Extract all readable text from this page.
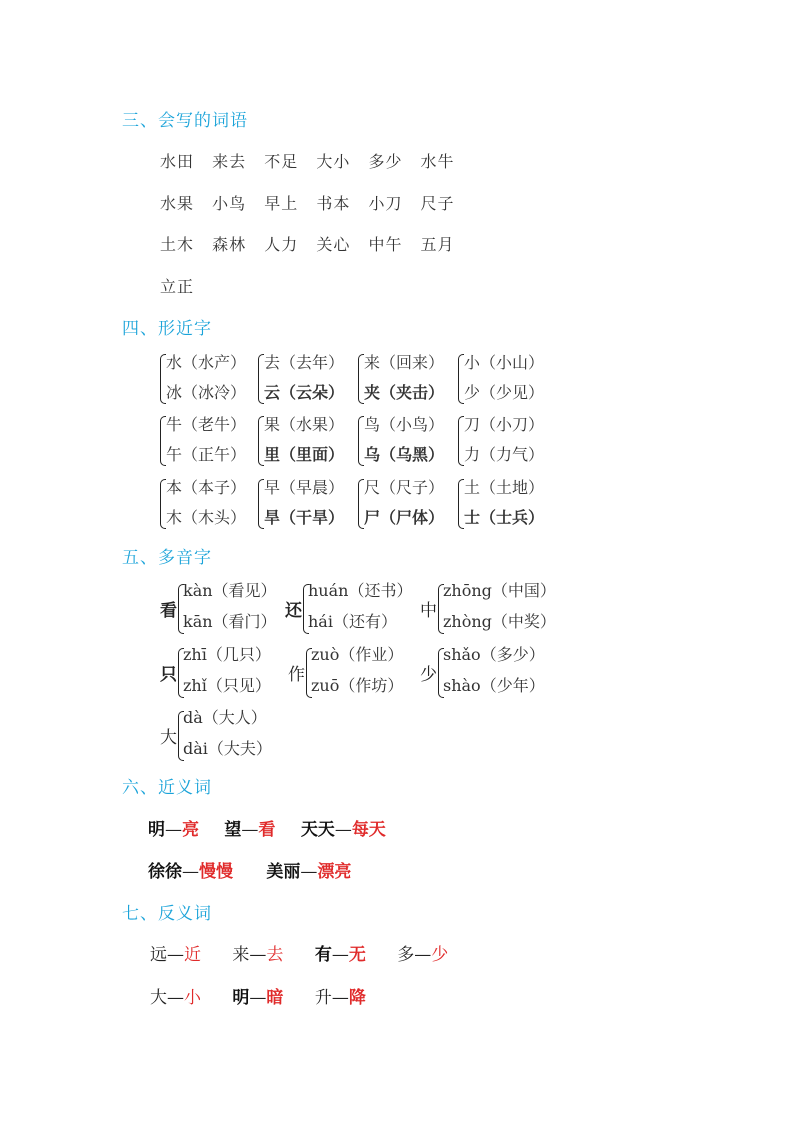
三、会写的词语
水田 来去 不足 大小 多少 水牛
水果 小鸟 早上 书本 小刀 尺子
土木 森林 人力 关心 中午 五月
立正
四、形近字
水（水产）
冰（冰冷）
去（去年）
云（云朵）
来（回来）
夹（夹击）
小（小山）
少（少见）
牛（老牛）
午（正午）
果（水果）
里（里面）
鸟（小鸟）
乌（乌黑）
刀（小刀）
力（力气）
本（本子）
木（木头）
早（早晨）
旱（干旱）
尺（尺子）
尸（尸体）
土（土地）
士（士兵）
五、多音字
看
kàn（看见）
kān（看门）
还
huán（还书）
hái（还有）
中
zhōng（中国）
zhòng（中奖）
只
zhī（几只）
zhǐ（只见）
作
zuò（作业）
zuō（作坊）
少
shǎo（多少）
shào（少年）
大
dà（大人）
dài（大夫）
六、近义词
明—亮 望—看 天天—每天
徐徐—慢慢 美丽—漂亮
七、反义词
远—近 来—去 有—无 多—少
大—小 明—暗 升—降
